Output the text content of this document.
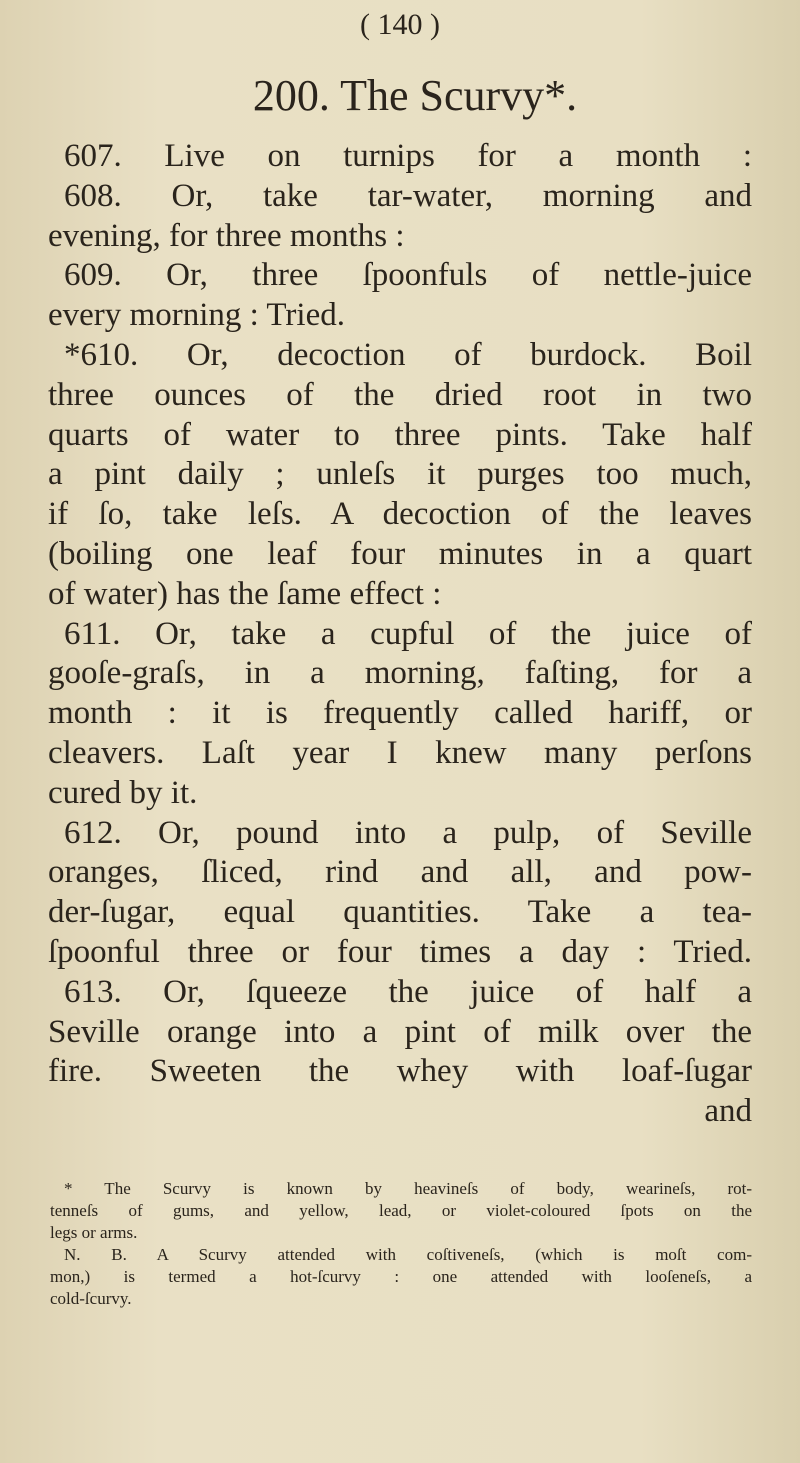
( 140 )
200. The Scurvy*.
607. Live on turnips for a month :
608. Or, take tar-water, morning and
evening, for three months :
609. Or, three ſpoonfuls of nettle-juice
every morning : Tried.
*610. Or, decoction of burdock. Boil
three ounces of the dried root in two
quarts of water to three pints. Take half
a pint daily ; unleſs it purges too much,
if ſo, take leſs. A decoction of the leaves
(boiling one leaf four minutes in a quart
of water) has the ſame effect :
611. Or, take a cupful of the juice of
gooſe-graſs, in a morning, faſting, for a
month : it is frequently called hariff, or
cleavers. Laſt year I knew many perſons
cured by it.
612. Or, pound into a pulp, of Seville
oranges, ſliced, rind and all, and pow-
der-ſugar, equal quantities. Take a tea-
ſpoonful three or four times a day : Tried.
613. Or, ſqueeze the juice of half a
Seville orange into a pint of milk over the
fire. Sweeten the whey with loaf-ſugar
and
* The Scurvy is known by heavineſs of body, wearineſs, rot-
tenneſs of gums, and yellow, lead, or violet-coloured ſpots on the
legs or arms.
N. B. A Scurvy attended with coſtiveneſs, (which is moſt com-
mon,) is termed a hot-ſcurvy : one attended with looſeneſs, a
cold-ſcurvy.
